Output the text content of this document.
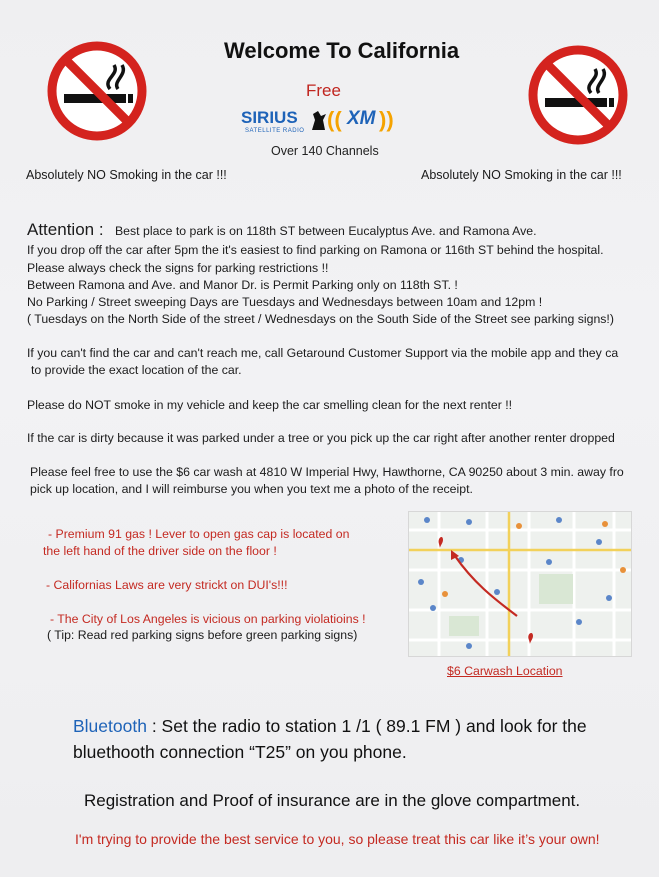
Welcome To California
Free
SIRIUS
SATELLITE RADIO (( XM ))
Over 140 Channels
Absolutely NO Smoking in the car !!!	Absolutely NO Smoking in the car !!!
Attention : Best place to park is on 118th ST between Eucalyptus Ave. and Ramona Ave.
If you drop off the car after 5pm the it's easiest to find parking on Ramona or 116th ST behind the hospital.
Please always check the signs for parking restrictions !!
Between Ramona and Ave. and Manor Dr. is Permit Parking only on 118th ST. !
No Parking / Street sweeping Days are Tuesdays and Wednesdays between 10am and 12pm !
( Tuesdays on the North Side of the street / Wednesdays on the South Side of the Street see parking signs!)
If you can't find the car and can't reach me, call Getaround Customer Support via the mobile app and they ca
to provide the exact location of the car.
Please do NOT smoke in my vehicle and keep the car smelling clean for the next renter !!
If the car is dirty because it was parked under a tree or you pick up the car right after another renter dropped
Please feel free to use the $6 car wash at 4810 W Imperial Hwy, Hawthorne, CA 90250 about 3 min. away fro
pick up location, and I will reimburse you when you text me a photo of the receipt.
- Premium 91 gas ! Lever to open gas cap is located on
the left hand of the driver side on the floor !
- Californias Laws are very strickt on DUI's!!!
- The City of Los Angeles is vicious on parking violatioins !
( Tip: Read red parking signs before green parking signs)
$6 Carwash Location
Bluetooth : Set the radio to station 1 /1 ( 89.1 FM ) and look for the
bluethooth connection “T25” on you phone.
Registration and Proof of insurance are in the glove compartment.
I'm trying to provide the best service to you, so please treat this car like it’s your own!
